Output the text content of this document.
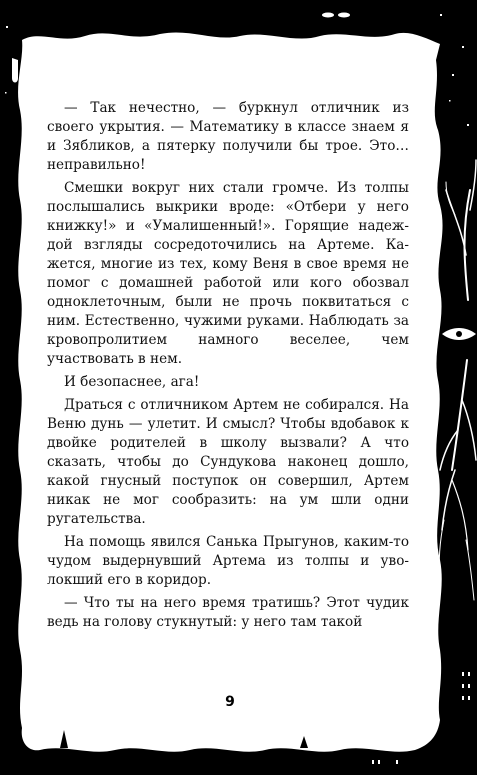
— Так нечестно, — буркнул отличник из своего укрытия. — Математику в классе знаем я и Зябликов, а пятерку получили бы трое. Это… неправильно!

Смешки вокруг них стали громче. Из толпы послышались выкрики вроде: «Отбери у него книжку!» и «Умалишенный!». Горящие надеждой взгляды сосредоточились на Артеме. Кажется, многие из тех, кому Веня в свое время не помог с домашней работой или кого обозвал одноклеточным, были не прочь поквитаться с ним. Естественно, чужими руками. Наблюдать за кровопролитием намного веселее, чем участвовать в нем.

И безопаснее, ага!

Драться с отличником Артем не собирался. На Веню дунь — улетит. И смысл? Чтобы вдобавок к двойке родителей в школу вызвали? А что сказать, чтобы до Сундукова наконец дошло, какой гнусный поступок он совершил, Артем никак не мог сообразить: на ум шли одни ругательства.

На помощь явился Санька Прыгунов, каким-то чудом выдернувший Артема из толпы и уволокший его в коридор.

— Что ты на него время тратишь? Этот чудик ведь на голову стукнутый: у него там такой

9
